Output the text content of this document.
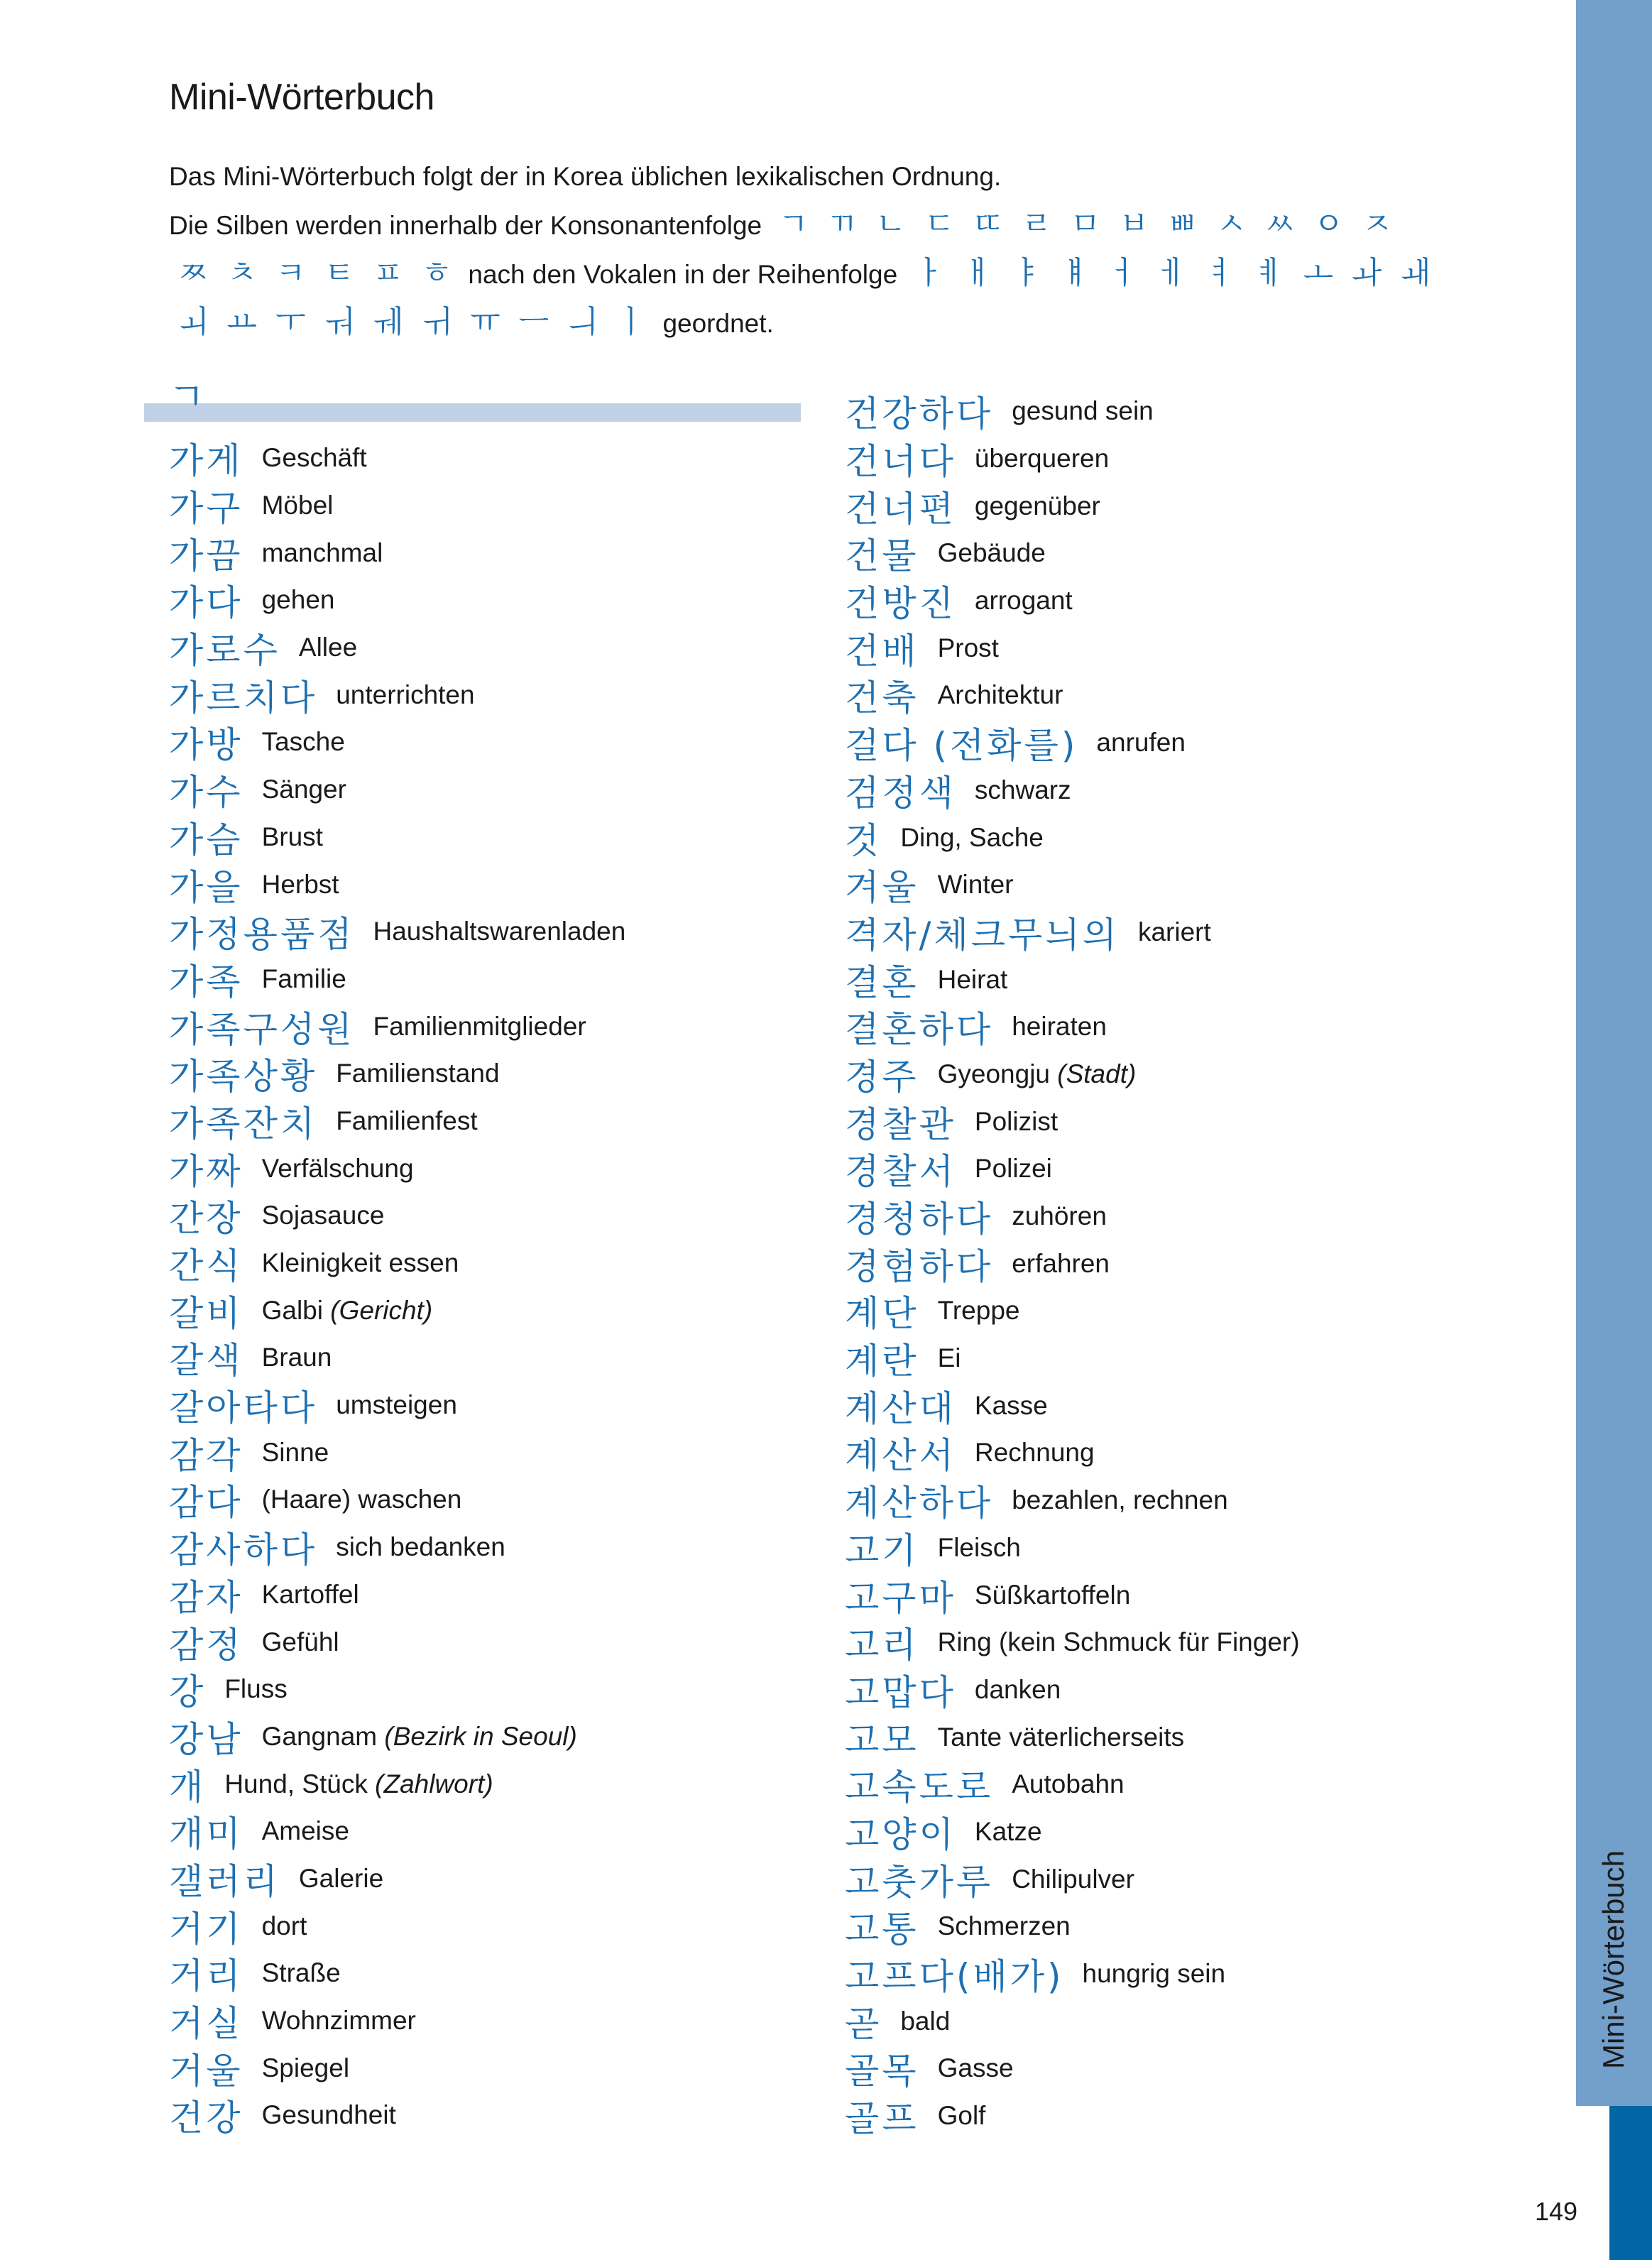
Mini-Wörterbuch
Das Mini-Wörterbuch folgt der in Korea üblichen lexikalischen Ordnung.
Die Silben werden innerhalb der Konsonantenfolge ㄱ ㄲ ㄴ ㄷ ㄸ ㄹ ㅁ ㅂ ㅃ ㅅ ㅆ ㅇ ㅈ
ㅉ ㅊ ㅋ ㅌ ㅍ ㅎ nach den Vokalen in der Reihenfolge ㅏ ㅐ ㅑ ㅒ ㅓ ㅔ ㅕ ㅖ ㅗ ㅘ ㅙ
ㅚ ㅛ ㅜ ㅝ ㅞ ㅟ ㅠ ㅡ ㅢ ㅣ geordnet.
ㄱ
가게 Geschäft
가구 Möbel
가끔 manchmal
가다 gehen
가로수 Allee
가르치다 unterrichten
가방 Tasche
가수 Sänger
가슴 Brust
가을 Herbst
가정용품점 Haushaltswarenladen
가족 Familie
가족구성원 Familienmitglieder
가족상황 Familienstand
가족잔치 Familienfest
가짜 Verfälschung
간장 Sojasauce
간식 Kleinigkeit essen
갈비 Galbi (Gericht)
갈색 Braun
갈아타다 umsteigen
감각 Sinne
감다 (Haare) waschen
감사하다 sich bedanken
감자 Kartoffel
감정 Gefühl
강 Fluss
강남 Gangnam (Bezirk in Seoul)
개 Hund, Stück (Zahlwort)
개미 Ameise
갤러리 Galerie
거기 dort
거리 Straße
거실 Wohnzimmer
거울 Spiegel
건강 Gesundheit
건강하다 gesund sein
건너다 überqueren
건너편 gegenüber
건물 Gebäude
건방진 arrogant
건배 Prost
건축 Architektur
걸다 (전화를) anrufen
검정색 schwarz
것 Ding, Sache
겨울 Winter
격자/체크무늬의 kariert
결혼 Heirat
결혼하다 heiraten
경주 Gyeongju (Stadt)
경찰관 Polizist
경찰서 Polizei
경청하다 zuhören
경험하다 erfahren
계단 Treppe
계란 Ei
계산대 Kasse
계산서 Rechnung
계산하다 bezahlen, rechnen
고기 Fleisch
고구마 Süßkartoffeln
고리 Ring (kein Schmuck für Finger)
고맙다 danken
고모 Tante väterlicherseits
고속도로 Autobahn
고양이 Katze
고춧가루 Chilipulver
고통 Schmerzen
고프다(배가) hungrig sein
곧 bald
골목 Gasse
골프 Golf
Mini-Wörterbuch
149
